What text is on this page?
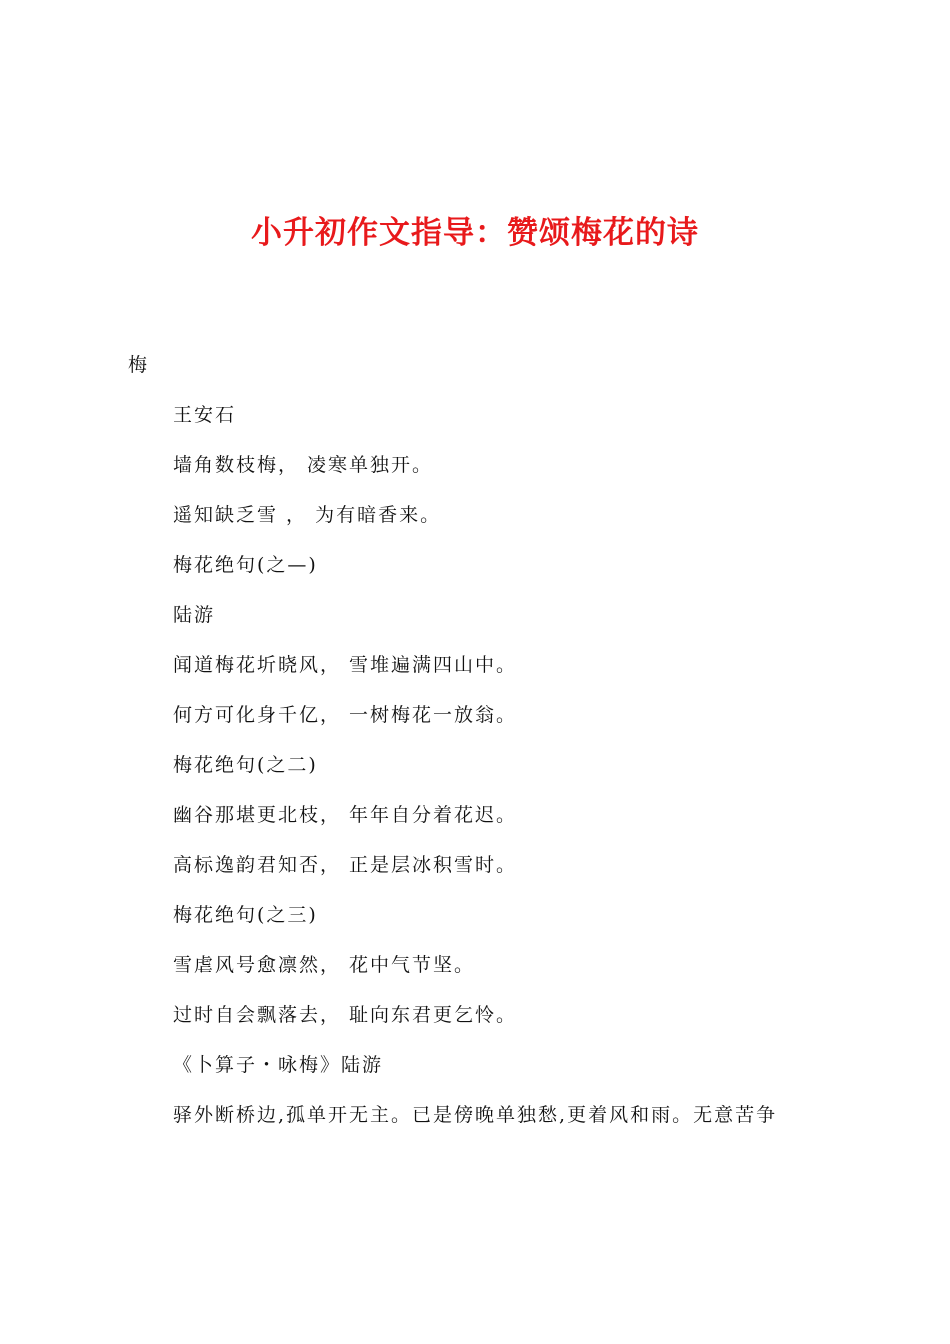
小升初作文指导：赞颂梅花的诗

梅

王安石
墙角数枝梅， 凌寒单独开。
遥知缺乏雪 ， 为有暗香来。
梅花绝句(之—)
陆游
闻道梅花圻晓风， 雪堆遍满四山中。
何方可化身千亿， 一树梅花一放翁。
梅花绝句(之二)
幽谷那堪更北枝， 年年自分着花迟。
高标逸韵君知否， 正是层冰积雪时。
梅花绝句(之三)
雪虐风号愈凛然， 花中气节坚。
过时自会飘落去， 耻向东君更乞怜。
《卜算子・咏梅》陆游
驿外断桥边,孤单开无主。已是傍晚单独愁,更着风和雨。无意苦争
